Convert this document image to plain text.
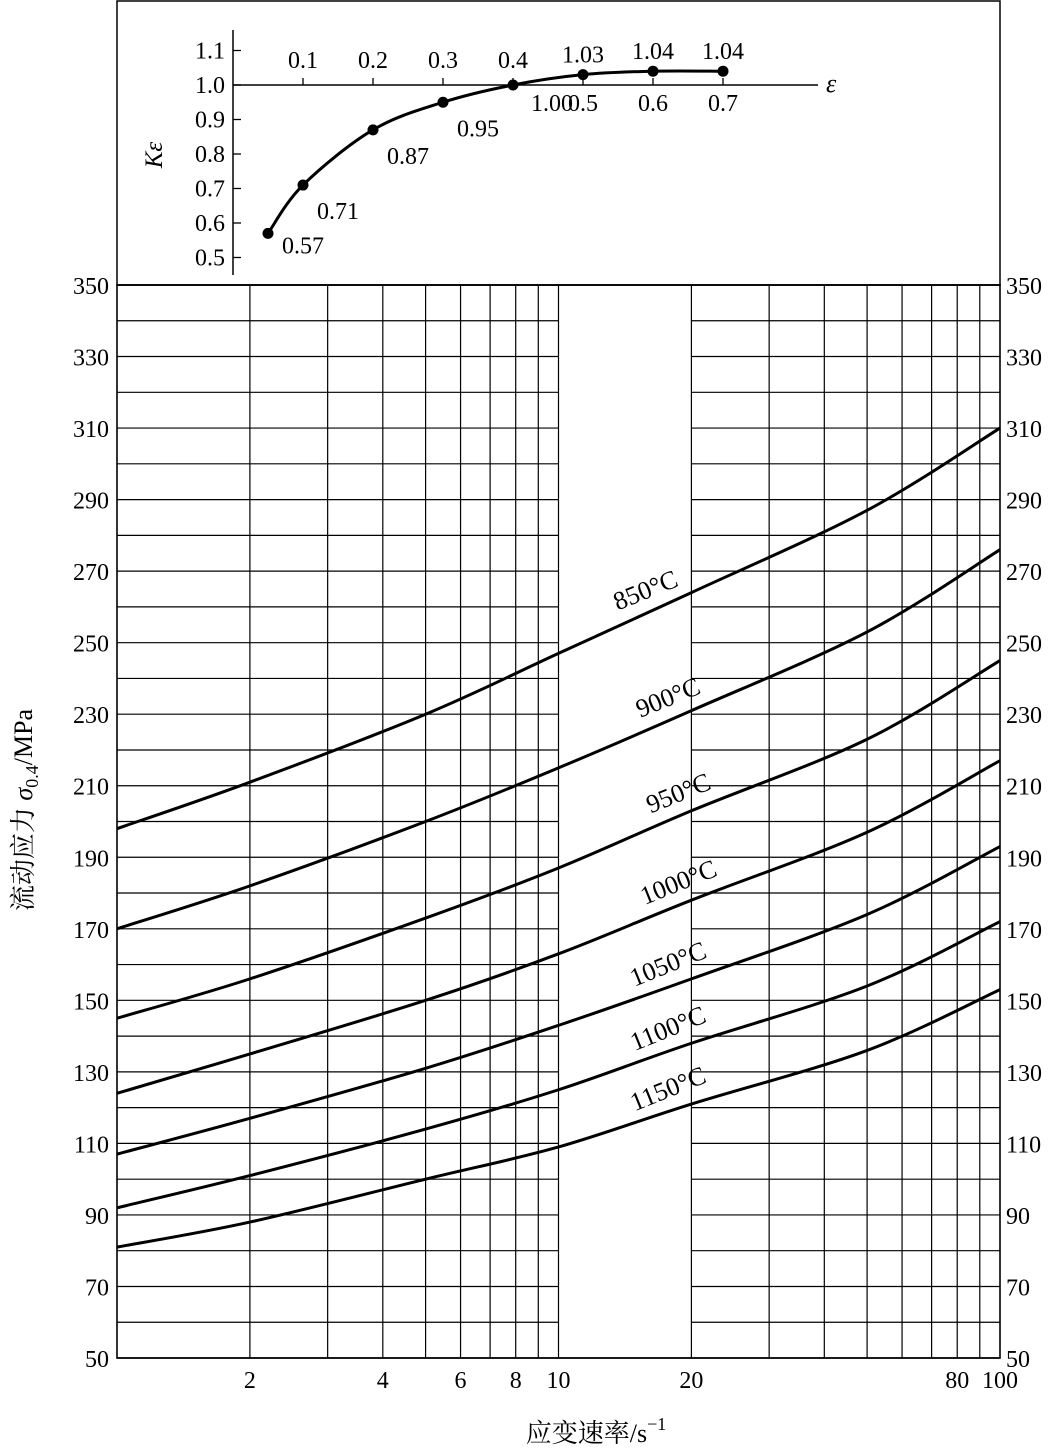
0.5
0.6
0.7
0.8
0.9
1.0
1.1
Kε
ε
0.57
0.1
0.71
0.2
0.87
0.3
0.95
0.4
1.00
1.03
0.5
1.04
0.6
1.04
0.7
50	50
70	70
90	90
110	110
130	130
150	150
170	170
190	190
210	210
230	230
250	250
270	270
290	290
310	310
330	330
350	350
2	4	6 8 10	20	80 100
850°C
900°C
950°C
1000°C
1050°C
1100°C
1150°C
应变速率$/s^{-1}$
流动应力 $\sigma_{0.4}$/MPa
